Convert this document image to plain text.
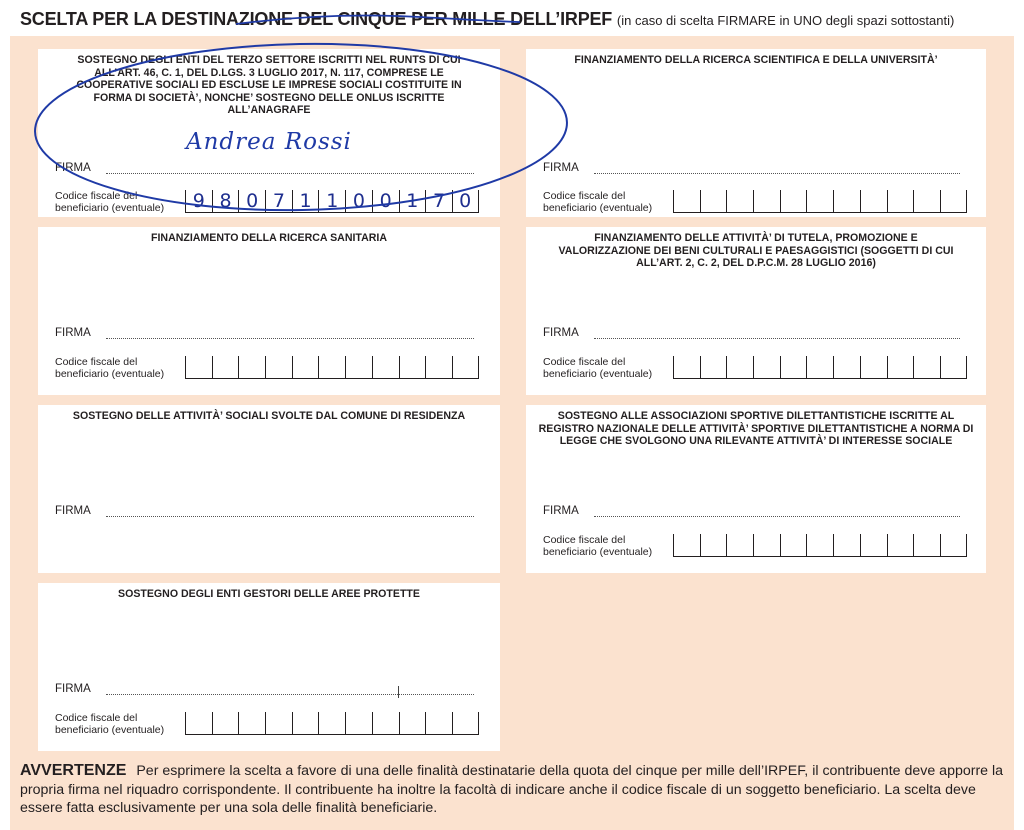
SCELTA PER LA DESTINAZIONE DEL CINQUE PER MILLE DELL’IRPEF (in caso di scelta FIRMARE in UNO degli spazi sottostanti)
SOSTEGNO DEGLI ENTI DEL TERZO SETTORE ISCRITTI NEL RUNTS DI CUI ALL’ART. 46, C. 1, DEL D.LGS. 3 LUGLIO 2017, N. 117, COMPRESE LE COOPERATIVE SOCIALI ED ESCLUSE LE IMPRESE SOCIALI COSTITUITE IN FORMA DI SOCIETÀ’, NONCHE’ SOSTEGNO DELLE ONLUS ISCRITTE ALL’ANAGRAFE
FIRMA
Codice fiscale del
beneficiario (eventuale)	9 8 0 7 1 1 0 0 1 7 0
FINANZIAMENTO DELLA RICERCA SCIENTIFICA E DELLA UNIVERSITÀ’
FIRMA
Codice fiscale del
beneficiario (eventuale)
FINANZIAMENTO DELLA RICERCA SANITARIA
FIRMA
Codice fiscale del
beneficiario (eventuale)
FINANZIAMENTO DELLE ATTIVITÀ’ DI TUTELA, PROMOZIONE E VALORIZZAZIONE DEI BENI CULTURALI E PAESAGGISTICI (SOGGETTI DI CUI ALL’ART. 2, C. 2, DEL D.P.C.M. 28 LUGLIO 2016)
FIRMA
Codice fiscale del
beneficiario (eventuale)
SOSTEGNO DELLE ATTIVITÀ’ SOCIALI SVOLTE DAL COMUNE DI RESIDENZA
FIRMA
SOSTEGNO ALLE ASSOCIAZIONI SPORTIVE DILETTANTISTICHE ISCRITTE AL REGISTRO NAZIONALE DELLE ATTIVITÀ’ SPORTIVE DILETTANTISTICHE A NORMA DI LEGGE CHE SVOLGONO UNA RILEVANTE ATTIVITÀ’ DI INTERESSE SOCIALE
FIRMA
Codice fiscale del
beneficiario (eventuale)
SOSTEGNO DEGLI ENTI GESTORI DELLE AREE PROTETTE
FIRMA
Codice fiscale del
beneficiario (eventuale)
Andrea Rossi
AVVERTENZE Per esprimere la scelta a favore di una delle finalità destinatarie della quota del cinque per mille dell’IRPEF, il contribuente deve apporre la propria firma nel riquadro corrispondente. Il contribuente ha inoltre la facoltà di indicare anche il codice fiscale di un soggetto beneficiario. La scelta deve essere fatta esclusivamente per una sola delle finalità beneficiarie.
